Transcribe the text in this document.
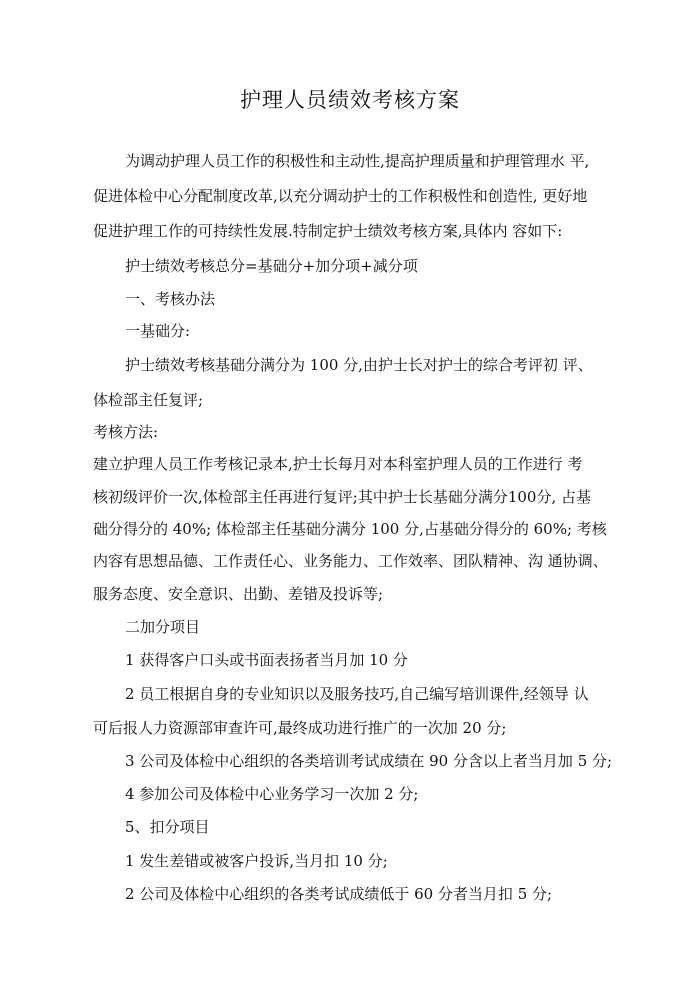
护理人员绩效考核方案
为调动护理人员工作的积极性和主动性,提高护理质量和护理管理水 平,
促进体检中心分配制度改革,以充分调动护士的工作积极性和创造性, 更好地
促进护理工作的可持续性发展.特制定护士绩效考核方案,具体内 容如下:
护士绩效考核总分=基础分+加分项+减分项
一、考核办法
一基础分:
护士绩效考核基础分满分为 100 分,由护士长对护士的综合考评初 评、
体检部主任复评;
考核方法:
建立护理人员工作考核记录本,护士长每月对本科室护理人员的工作进行 考
核初级评价一次,体检部主任再进行复评;其中护士长基础分满分100分, 占基
础分得分的 40%; 体检部主任基础分满分 100 分,占基础分得分的 60%; 考核
内容有思想品德、工作责任心、业务能力、工作效率、团队精神、沟 通协调、
服务态度、安全意识、出勤、差错及投诉等;
二加分项目
1 获得客户口头或书面表扬者当月加 10 分
2 员工根据自身的专业知识以及服务技巧,自己编写培训课件,经领导 认
可后报人力资源部审查许可,最终成功进行推广的一次加 20 分;
3 公司及体检中心组织的各类培训考试成绩在 90 分含以上者当月加 5 分;
4 参加公司及体检中心业务学习一次加 2 分;
5、扣分项目
1 发生差错或被客户投诉,当月扣 10 分;
2 公司及体检中心组织的各类考试成绩低于 60 分者当月扣 5 分;
